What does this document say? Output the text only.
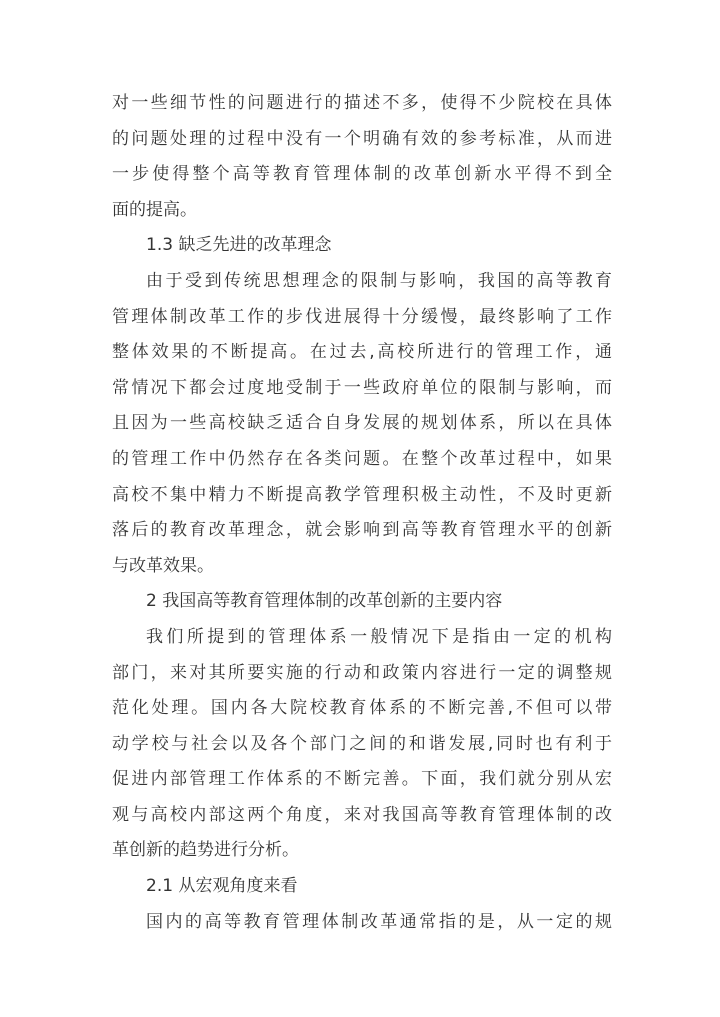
对一些细节性的问题进行的描述不多，使得不少院校在具体
的问题处理的过程中没有一个明确有效的参考标准，从而进
一步使得整个高等教育管理体制的改革创新水平得不到全
面的提高。
1.3 缺乏先进的改革理念
由于受到传统思想理念的限制与影响，我国的高等教育
管理体制改革工作的步伐进展得十分缓慢，最终影响了工作
整体效果的不断提高。在过去,高校所进行的管理工作，通
常情况下都会过度地受制于一些政府单位的限制与影响，而
且因为一些高校缺乏适合自身发展的规划体系，所以在具体
的管理工作中仍然存在各类问题。在整个改革过程中，如果
高校不集中精力不断提高教学管理积极主动性，不及时更新
落后的教育改革理念，就会影响到高等教育管理水平的创新
与改革效果。
2 我国高等教育管理体制的改革创新的主要内容
我们所提到的管理体系一般情况下是指由一定的机构
部门，来对其所要实施的行动和政策内容进行一定的调整规
范化处理。国内各大院校教育体系的不断完善,不但可以带
动学校与社会以及各个部门之间的和谐发展,同时也有利于
促进内部管理工作体系的不断完善。下面，我们就分别从宏
观与高校内部这两个角度，来对我国高等教育管理体制的改
革创新的趋势进行分析。
2.1 从宏观角度来看
国内的高等教育管理体制改革通常指的是，从一定的规
